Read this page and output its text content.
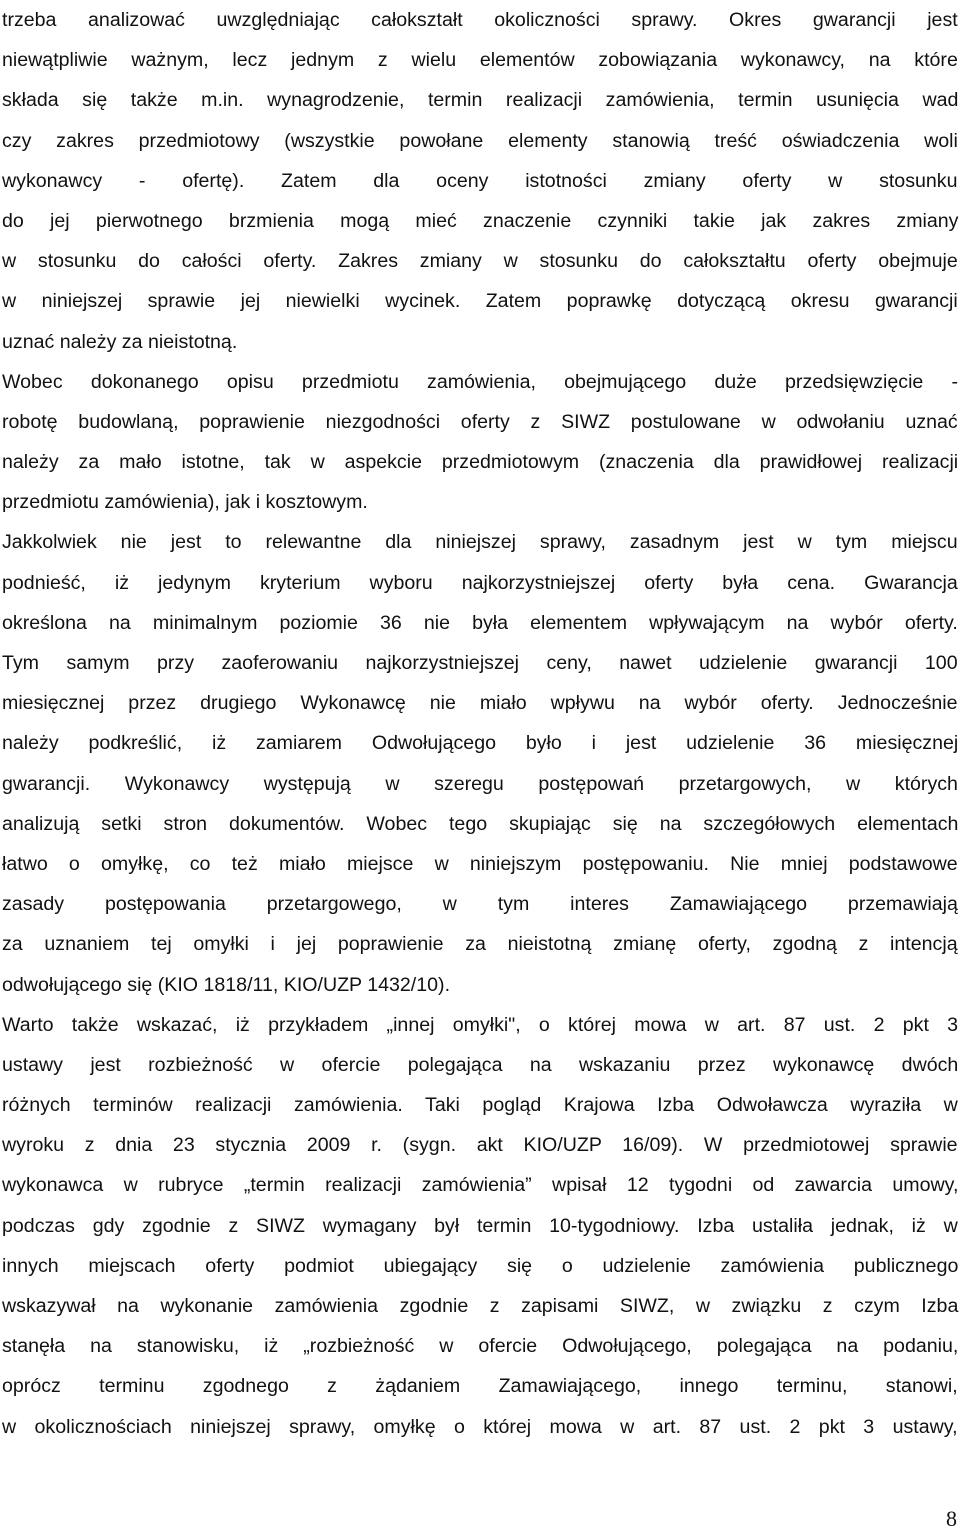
trzeba analizować uwzględniając całokształt okoliczności sprawy. Okres gwarancji jest
niewątpliwie ważnym, lecz jednym z wielu elementów zobowiązania wykonawcy, na które
składa się także m.in. wynagrodzenie, termin realizacji zamówienia, termin usunięcia wad
czy zakres przedmiotowy (wszystkie powołane elementy stanowią treść oświadczenia woli
wykonawcy - ofertę). Zatem dla oceny istotności zmiany oferty w stosunku
do jej pierwotnego brzmienia mogą mieć znaczenie czynniki takie jak zakres zmiany
w stosunku do całości oferty. Zakres zmiany w stosunku do całokształtu oferty obejmuje
w niniejszej sprawie jej niewielki wycinek. Zatem poprawkę dotyczącą okresu gwarancji
uznać należy za nieistotną.
Wobec dokonanego opisu przedmiotu zamówienia, obejmującego duże przedsięwzięcie -
robotę budowlaną, poprawienie niezgodności oferty z SIWZ postulowane w odwołaniu uznać
należy za mało istotne, tak w aspekcie przedmiotowym (znaczenia dla prawidłowej realizacji
przedmiotu zamówienia), jak i kosztowym.
Jakkolwiek nie jest to relewantne dla niniejszej sprawy, zasadnym jest w tym miejscu
podnieść, iż jedynym kryterium wyboru najkorzystniejszej oferty była cena. Gwarancja
określona na minimalnym poziomie 36 nie była elementem wpływającym na wybór oferty.
Tym samym przy zaoferowaniu najkorzystniejszej ceny, nawet udzielenie gwarancji 100
miesięcznej przez drugiego Wykonawcę nie miało wpływu na wybór oferty. Jednocześnie
należy podkreślić, iż zamiarem Odwołującego było i jest udzielenie 36 miesięcznej
gwarancji. Wykonawcy występują w szeregu postępowań przetargowych, w których
analizują setki stron dokumentów. Wobec tego skupiając się na szczegółowych elementach
łatwo o omyłkę, co też miało miejsce w niniejszym postępowaniu. Nie mniej podstawowe
zasady postępowania przetargowego, w tym interes Zamawiającego przemawiają
za uznaniem tej omyłki i jej poprawienie za nieistotną zmianę oferty, zgodną z intencją
odwołującego się (KIO 1818/11, KIO/UZP 1432/10).
Warto także wskazać, iż przykładem „innej omyłki", o której mowa w art. 87 ust. 2 pkt 3
ustawy jest rozbieżność w ofercie polegająca na wskazaniu przez wykonawcę dwóch
różnych terminów realizacji zamówienia. Taki pogląd Krajowa Izba Odwoławcza wyraziła w
wyroku z dnia 23 stycznia 2009 r. (sygn. akt KIO/UZP 16/09). W przedmiotowej sprawie
wykonawca w rubryce „termin realizacji zamówienia” wpisał 12 tygodni od zawarcia umowy,
podczas gdy zgodnie z SIWZ wymagany był termin 10-tygodniowy. Izba ustaliła jednak, iż w
innych miejscach oferty podmiot ubiegający się o udzielenie zamówienia publicznego
wskazywał na wykonanie zamówienia zgodnie z zapisami SIWZ, w związku z czym Izba
stanęła na stanowisku, iż „rozbieżność w ofercie Odwołującego, polegająca na podaniu,
oprócz terminu zgodnego z żądaniem Zamawiającego, innego terminu, stanowi,
w okolicznościach niniejszej sprawy, omyłkę o której mowa w art. 87 ust. 2 pkt 3 ustawy,
8
